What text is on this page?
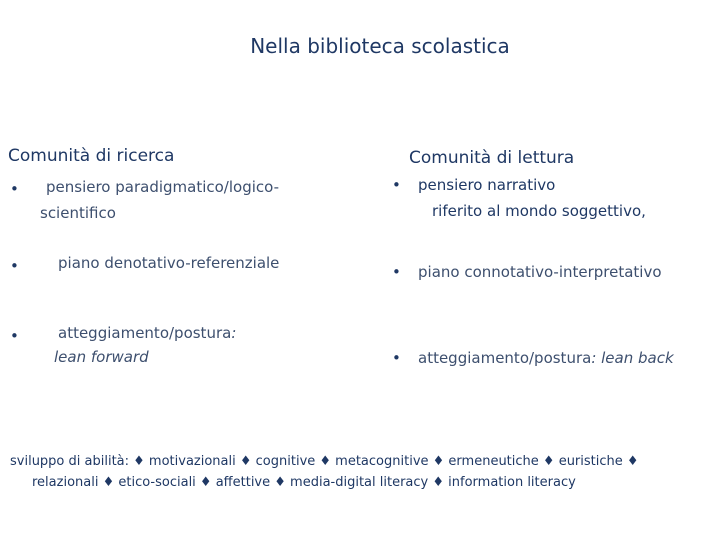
Nella biblioteca scolastica
Comunità di ricerca
• pensiero paradigmatico/logico-
scientifico
•	piano denotativo-referenziale
•	atteggiamento/postura:
lean forward
Comunità di lettura
• pensiero narrativo
riferito al mondo soggettivo,
• piano connotativo-interpretativo
• atteggiamento/postura: lean back
sviluppo di abilità: ♦ motivazionali ♦ cognitive ♦ metacognitive ♦ ermeneutiche ♦ euristiche ♦
relazionali ♦ etico-sociali ♦ affettive ♦ media-digital literacy ♦ information literacy
